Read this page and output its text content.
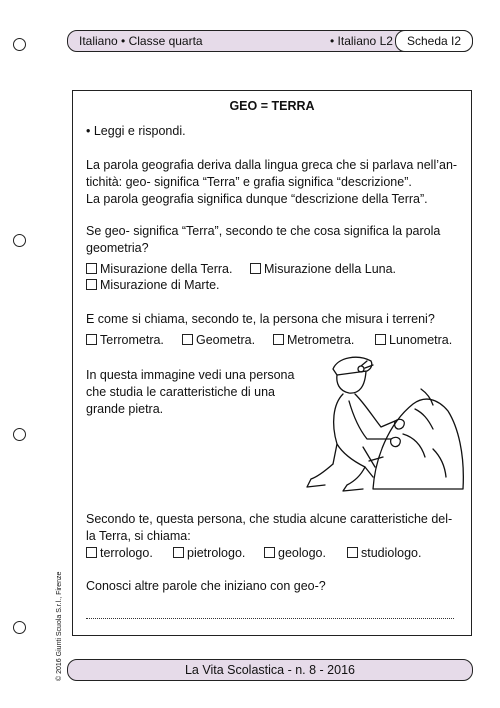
Italiano • Classe quarta	• Italiano L2	Scheda I2
GEO = TERRA
• Leggi e rispondi.
La parola geografia deriva dalla lingua greca che si parlava nell’an-
tichità: geo- significa “Terra” e grafia significa “descrizione”.
La parola geografia significa dunque “descrizione della Terra”.
Se geo- significa “Terra”, secondo te che cosa significa la parola
geometria?
Misurazione della Terra.	Misurazione della Luna.
Misurazione di Marte.
E come si chiama, secondo te, la persona che misura i terreni?
Terrometra.	Geometra.	Metrometra.	Lunometra.
In questa immagine vedi una persona
che studia le caratteristiche di una
grande pietra.
Secondo te, questa persona, che studia alcune caratteristiche del-
la Terra, si chiama:
terrologo.	pietrologo.	geologo.	studiologo.
Conosci altre parole che iniziano con geo-?
La Vita Scolastica - n. 8 - 2016
© 2016 Giunti Scuola S.r.l., Firenze
